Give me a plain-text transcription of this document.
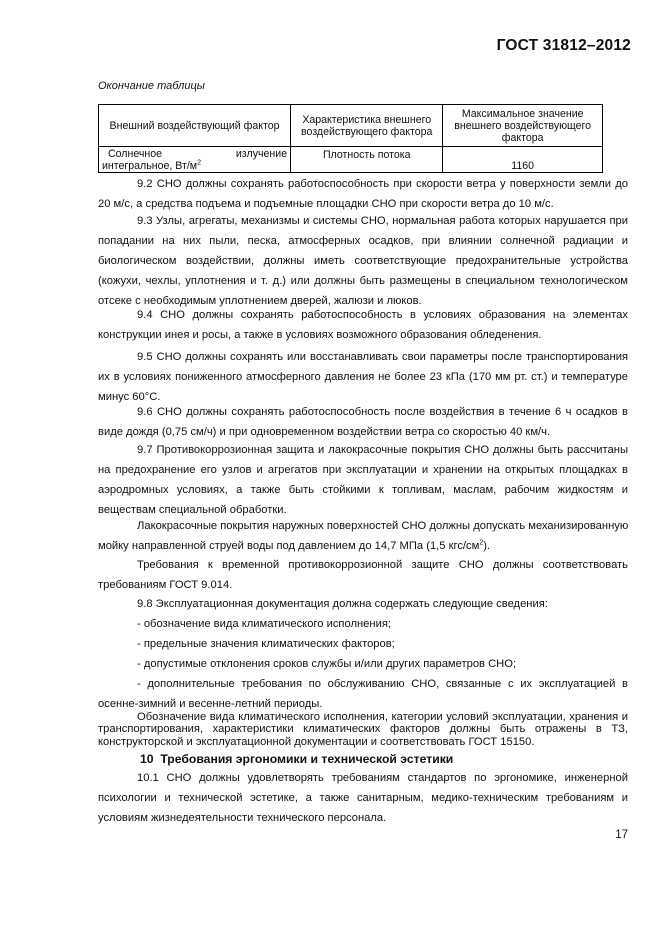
ГОСТ 31812–2012
Окончание таблицы
Внешний воздействующий фактор	Характеристика внешнего воздействующего фактора	Максимальное значение внешнего воздействующего фактора

Солнечное излучение
интегральное, $Вт/м^2$	Плотность потока	1160
9.2 СНО должны сохранять работоспособность при скорости ветра у поверхности земли до
20 м/с, а средства подъема и подъемные площадки СНО при скорости ветра до 10 м/с.
9.3 Узлы, агрегаты, механизмы и системы СНО, нормальная работа которых нарушается при
попадании на них пыли, песка, атмосферных осадков, при влиянии солнечной радиации и
биологическом воздействии, должны иметь соответствующие предохранительные устройства
(кожухи, чехлы, уплотнения и т. д.) или должны быть размещены в специальном технологическом
отсеке с необходимым уплотнением дверей, жалюзи и люков.
9.4 СНО должны сохранять работоспособность в условиях образования на элементах
конструкции инея и росы, а также в условиях возможного образования обледенения.
9.5 СНО должны сохранять или восстанавливать свои параметры после транспортирования
их в условиях пониженного атмосферного давления не более 23 кПа (170 мм рт. ст.) и температуре
минус 60°С.
9.6 СНО должны сохранять работоспособность после воздействия в течение 6 ч осадков в
виде дождя (0,75 см/ч) и при одновременном воздействии ветра со скоростью 40 км/ч.
9.7 Противокоррозионная защита и лакокрасочные покрытия СНО должны быть рассчитаны
на предохранение его узлов и агрегатов при эксплуатации и хранении на открытых площадках в
аэродромных условиях, а также быть стойкими к топливам, маслам, рабочим жидкостям и
веществам специальной обработки.
Лакокрасочные покрытия наружных поверхностей СНО должны допускать механизированную
мойку направленной струей воды под давлением до 14,7 МПа (1,5 кгс/$см^2$).
Требования к временной противокоррозионной защите СНО должны соответствовать
требованиям ГОСТ 9.014.
9.8 Эксплуатационная документация должна содержать следующие сведения:
- обозначение вида климатического исполнения;
- предельные значения климатических факторов;
- допустимые отклонения сроков службы и/или других параметров СНО;
- дополнительные требования по обслуживанию СНО, связанные с их эксплуатацией в
осенне-зимний и весенне-летний периоды.
Обозначение вида климатического исполнения, категории условий эксплуатации, хранения и
транспортирования, характеристики климатических факторов должны быть отражены в ТЗ,
конструкторской и эксплуатационной документации и соответствовать ГОСТ 15150.
10  Требования эргономики и технической эстетики
10.1 СНО должны удовлетворять требованиям стандартов по эргономике, инженерной
психологии и технической эстетике, а также санитарным, медико-техническим требованиям и
условиям жизнедеятельности технического персонала.
17
